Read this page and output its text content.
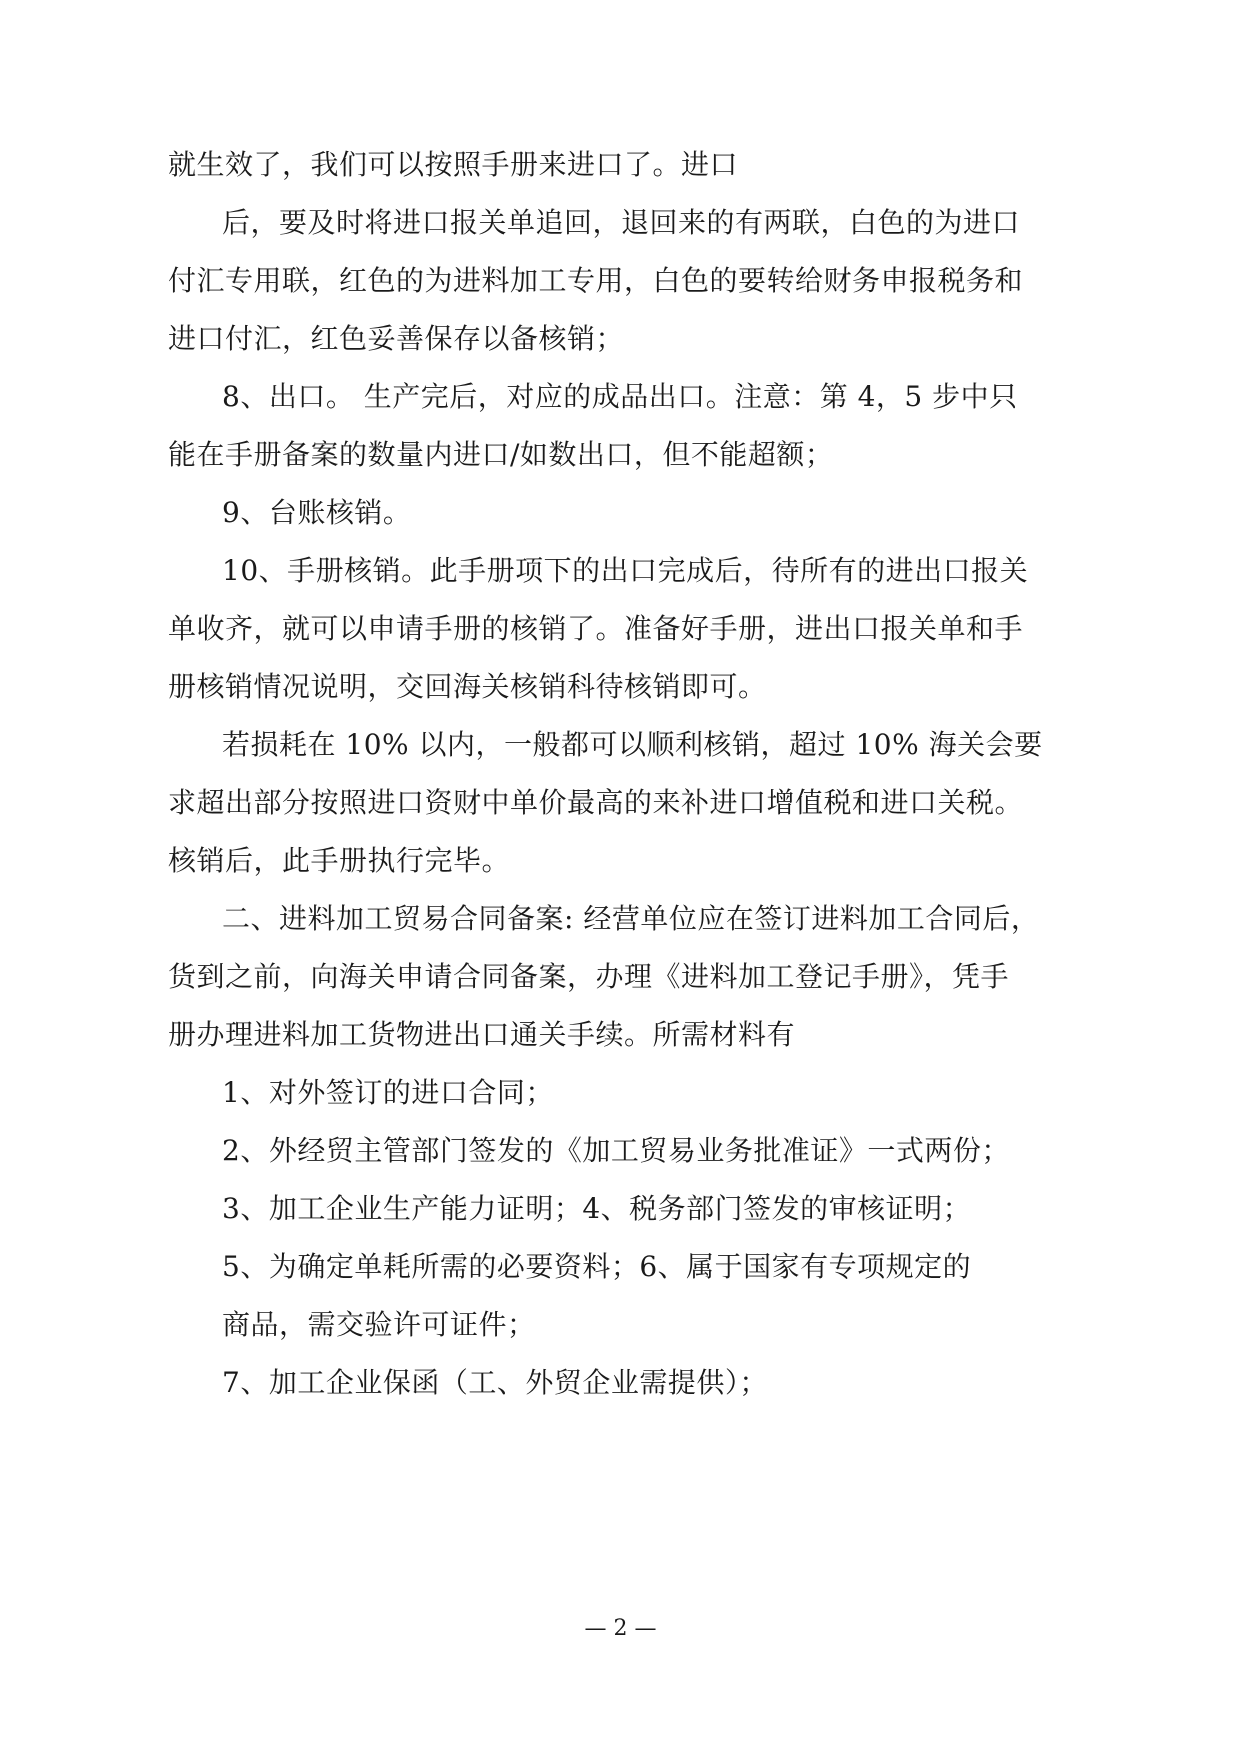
就生效了，我们可以按照手册来进口了。进口
后，要及时将进口报关单追回，退回来的有两联，白色的为进口
付汇专用联，红色的为进料加工专用，白色的要转给财务申报税务和
进口付汇，红色妥善保存以备核销；
8、出口。 生产完后，对应的成品出口。注意：第 4，5 步中只
能在手册备案的数量内进口/如数出口，但不能超额；
9、台账核销。
10、手册核销。此手册项下的出口完成后，待所有的进出口报关
单收齐，就可以申请手册的核销了。准备好手册，进出口报关单和手
册核销情况说明，交回海关核销科待核销即可。
若损耗在 10% 以内，一般都可以顺利核销，超过 10% 海关会要
求超出部分按照进口资财中单价最高的来补进口增值税和进口关税。
核销后，此手册执行完毕。
二、进料加工贸易合同备案: 经营单位应在签订进料加工合同后，
货到之前，向海关申请合同备案，办理《进料加工登记手册》，凭手
册办理进料加工货物进出口通关手续。所需材料有
1、对外签订的进口合同；
2、外经贸主管部门签发的《加工贸易业务批准证》一式两份；
3、加工企业生产能力证明；4、税务部门签发的审核证明；
5、为确定单耗所需的必要资料；6、属于国家有专项规定的
商品，需交验许可证件；
7、加工企业保函（工、外贸企业需提供）；
— 2 —
